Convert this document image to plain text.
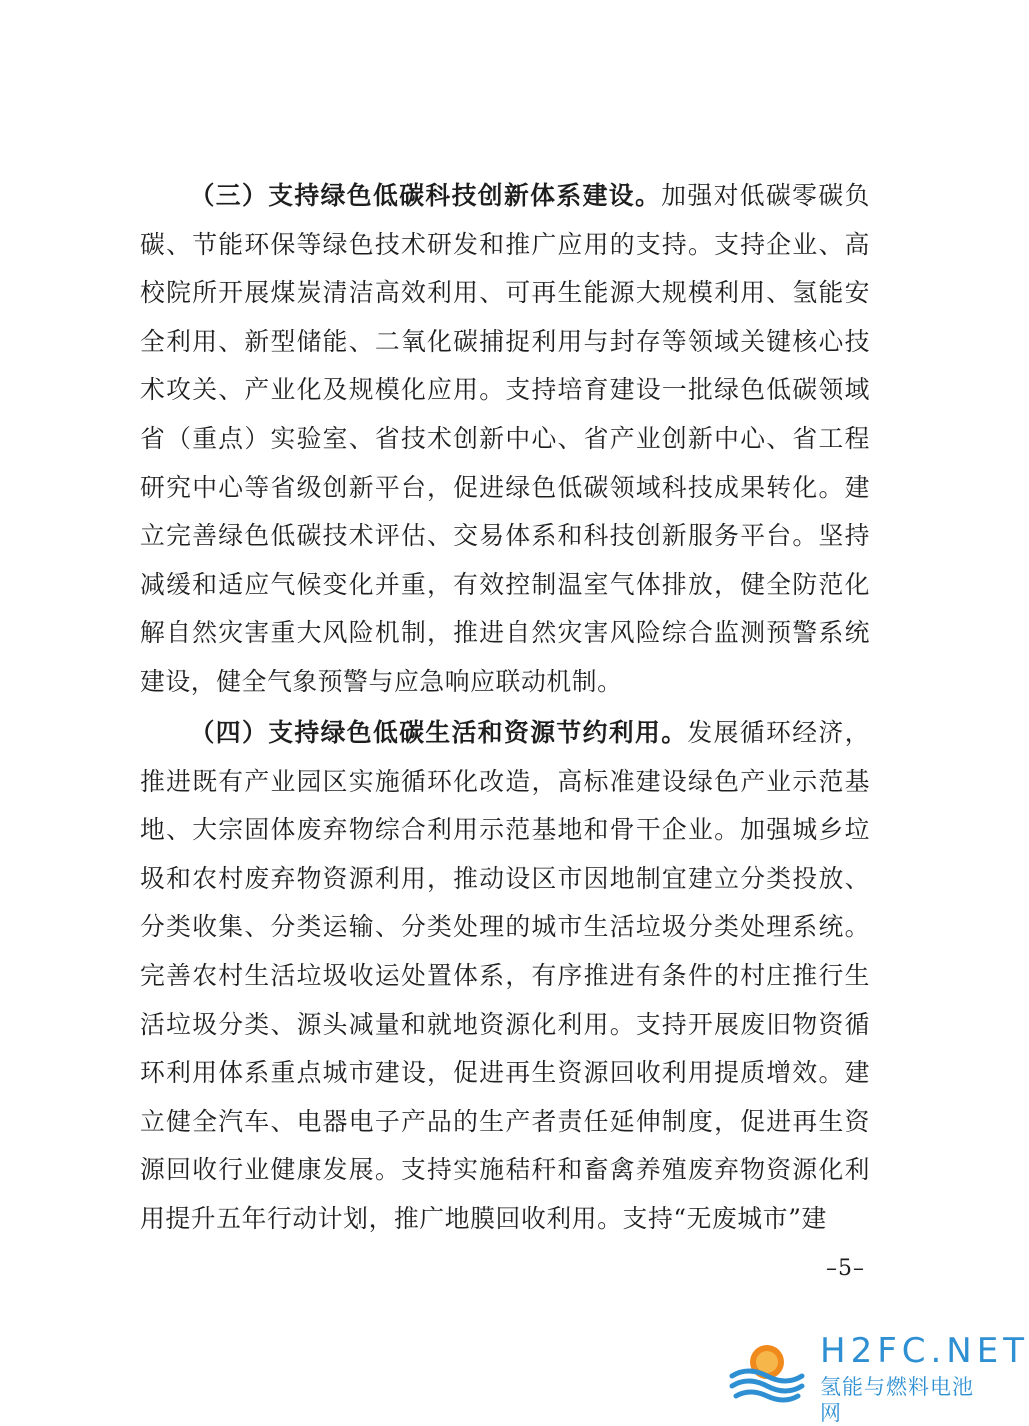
（三）支持绿色低碳科技创新体系建设。加强对低碳零碳负碳、节能环保等绿色技术研发和推广应用的支持。支持企业、高校院所开展煤炭清洁高效利用、可再生能源大规模利用、氢能安全利用、新型储能、二氧化碳捕捉利用与封存等领域关键核心技术攻关、产业化及规模化应用。支持培育建设一批绿色低碳领域省（重点）实验室、省技术创新中心、省产业创新中心、省工程研究中心等省级创新平台，促进绿色低碳领域科技成果转化。建立完善绿色低碳技术评估、交易体系和科技创新服务平台。坚持减缓和适应气候变化并重，有效控制温室气体排放，健全防范化解自然灾害重大风险机制，推进自然灾害风险综合监测预警系统建设，健全气象预警与应急响应联动机制。
（四）支持绿色低碳生活和资源节约利用。发展循环经济，推进既有产业园区实施循环化改造，高标准建设绿色产业示范基地、大宗固体废弃物综合利用示范基地和骨干企业。加强城乡垃圾和农村废弃物资源利用，推动设区市因地制宜建立分类投放、分类收集、分类运输、分类处理的城市生活垃圾分类处理系统。完善农村生活垃圾收运处置体系，有序推进有条件的村庄推行生活垃圾分类、源头减量和就地资源化利用。支持开展废旧物资循环利用体系重点城市建设，促进再生资源回收利用提质增效。建立健全汽车、电器电子产品的生产者责任延伸制度，促进再生资源回收行业健康发展。支持实施秸秆和畜禽养殖废弃物资源化利用提升五年行动计划，推广地膜回收利用。支持“无废城市”建
–5–
H2FC.NET
氢能与燃料电池网
